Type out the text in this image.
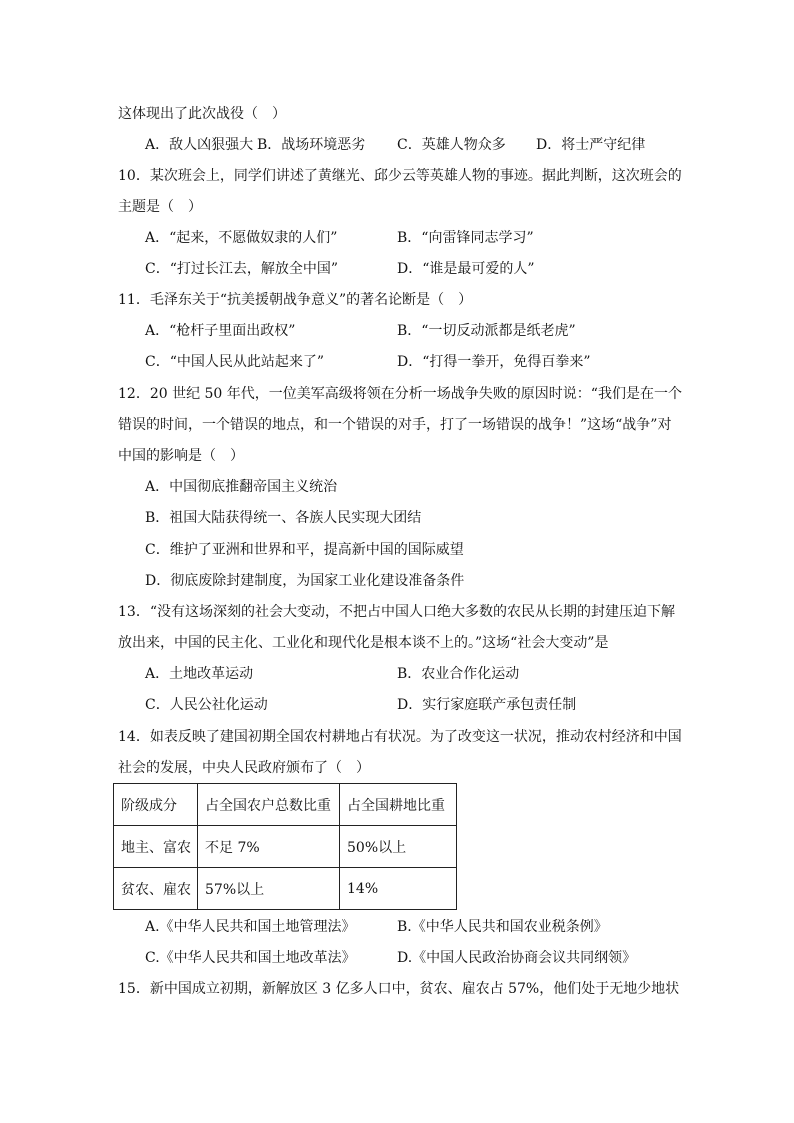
这体现出了此次战役（　）
A．敌人凶狠强大 B．战场环境恶劣 C．英雄人物众多 D．将士严守纪律
10．某次班会上，同学们讲述了黄继光、邱少云等英雄人物的事迹。据此判断，这次班会的
主题是（　）
A．“起来，不愿做奴隶的人们”	B．“向雷锋同志学习”
C．“打过长江去，解放全中国”	D．“谁是最可爱的人”
11．毛泽东关于“抗美援朝战争意义”的著名论断是（　）
A．“枪杆子里面出政权”	B．“一切反动派都是纸老虎”
C．“中国人民从此站起来了”	D．“打得一拳开，免得百拳来”
12．20 世纪 50 年代，一位美军高级将领在分析一场战争失败的原因时说：“我们是在一个
错误的时间，一个错误的地点，和一个错误的对手，打了一场错误的战争！”这场“战争”对
中国的影响是（　）
A．中国彻底推翻帝国主义统治
B．祖国大陆获得统一、各族人民实现大团结
C．维护了亚洲和世界和平，提高新中国的国际威望
D．彻底废除封建制度，为国家工业化建设准备条件
13．“没有这场深刻的社会大变动，不把占中国人口绝大多数的农民从长期的封建压迫下解
放出来，中国的民主化、工业化和现代化是根本谈不上的。”这场“社会大变动”是
A．土地改革运动	B．农业合作化运动
C．人民公社化运动	D．实行家庭联产承包责任制
14．如表反映了建国初期全国农村耕地占有状况。为了改变这一状况，推动农村经济和中国
社会的发展，中央人民政府颁布了（　）
阶级成分	占全国农户总数比重	占全国耕地比重
地主、富农	不足 7%	50%以上
贫农、雇农	57%以上	14%
A.《中华人民共和国土地管理法》	B.《中华人民共和国农业税条例》
C.《中华人民共和国土地改革法》	D.《中国人民政治协商会议共同纲领》
15．新中国成立初期，新解放区 3 亿多人口中，贫农、雇农占 57%，他们处于无地少地状
